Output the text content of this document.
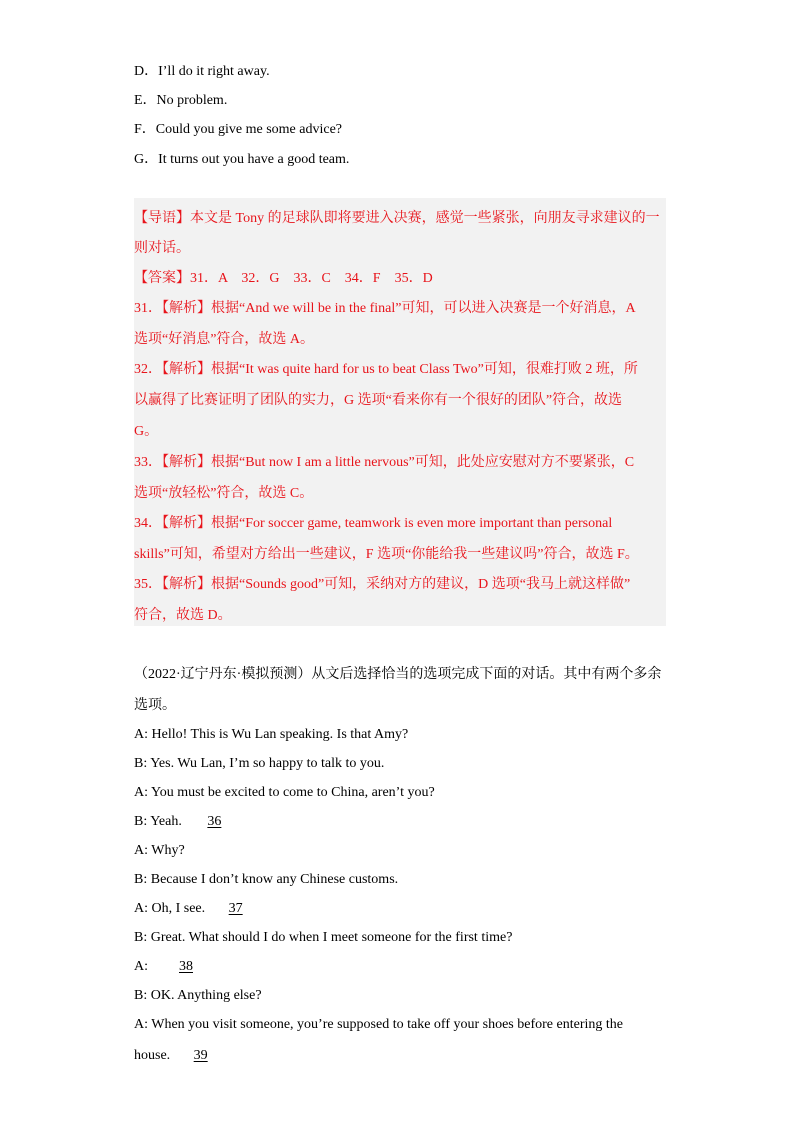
D．I’ll do it right away.
E．No problem.
F．Could you give me some advice?
G．It turns out you have a good team.
【导语】本文是 Tony 的足球队即将要进入决赛，感觉一些紧张，向朋友寻求建议的一
则对话。
【答案】31．A　32．G　33．C　34．F　35．D
31．【解析】根据“And we will be in the final”可知，可以进入决赛是一个好消息，A
选项“好消息”符合，故选 A。
32．【解析】根据“It was quite hard for us to beat Class Two”可知，很难打败 2 班，所
以赢得了比赛证明了团队的实力，G 选项“看来你有一个很好的团队”符合，故选
G。
33．【解析】根据“But now I am a little nervous”可知，此处应安慰对方不要紧张，C
选项“放轻松”符合，故选 C。
34．【解析】根据“For soccer game, teamwork is even more important than personal
skills”可知，希望对方给出一些建议，F 选项“你能给我一些建议吗”符合，故选 F。
35．【解析】根据“Sounds good”可知，采纳对方的建议，D 选项“我马上就这样做”
符合，故选 D。
（2022·辽宁丹东·模拟预测）从文后选择恰当的选项完成下面的对话。其中有两个多余
选项。
A: Hello! This is Wu Lan speaking. Is that Amy?
B: Yes. Wu Lan, I’m so happy to talk to you.
A: You must be excited to come to China, aren’t you?
B: Yeah. 36
A: Why?
B: Because I don’t know any Chinese customs.
A: Oh, I see. 37
B: Great. What should I do when I meet someone for the first time?
A: 38
B: OK. Anything else?
A: When you visit someone, you’re supposed to take off your shoes before entering the
house. 39
